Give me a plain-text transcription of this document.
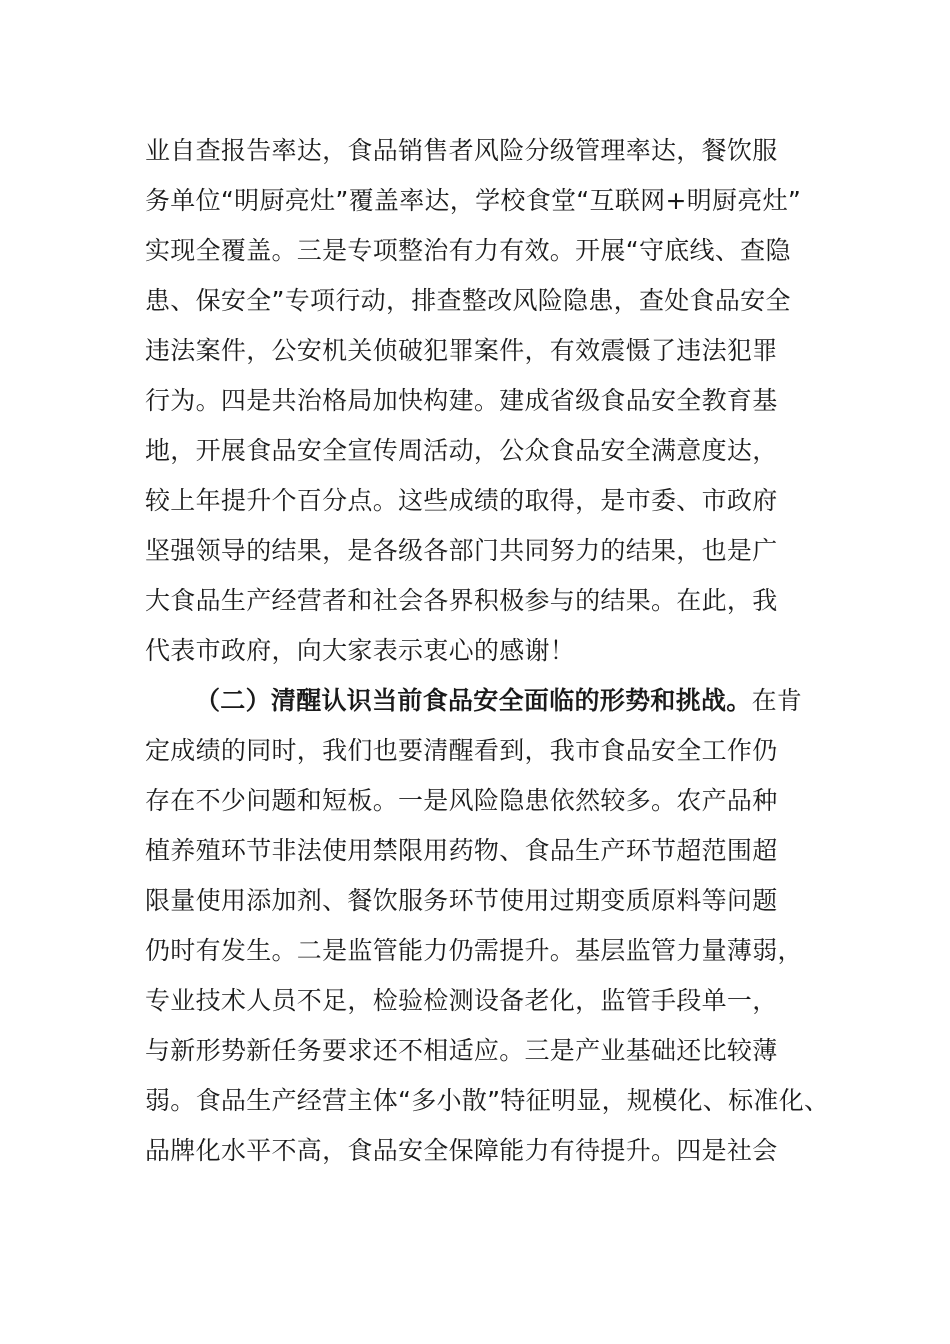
业自查报告率达，食品销售者风险分级管理率达，餐饮服
务单位“明厨亮灶”覆盖率达，学校食堂“互联网+明厨亮灶”
实现全覆盖。三是专项整治有力有效。开展“守底线、查隐
患、保安全”专项行动，排查整改风险隐患，查处食品安全
违法案件，公安机关侦破犯罪案件，有效震慑了违法犯罪
行为。四是共治格局加快构建。建成省级食品安全教育基
地，开展食品安全宣传周活动，公众食品安全满意度达，
较上年提升个百分点。这些成绩的取得，是市委、市政府
坚强领导的结果，是各级各部门共同努力的结果，也是广
大食品生产经营者和社会各界积极参与的结果。在此，我
代表市政府，向大家表示衷心的感谢！
（二）清醒认识当前食品安全面临的形势和挑战。在肯
定成绩的同时，我们也要清醒看到，我市食品安全工作仍
存在不少问题和短板。一是风险隐患依然较多。农产品种
植养殖环节非法使用禁限用药物、食品生产环节超范围超
限量使用添加剂、餐饮服务环节使用过期变质原料等问题
仍时有发生。二是监管能力仍需提升。基层监管力量薄弱，
专业技术人员不足，检验检测设备老化，监管手段单一，
与新形势新任务要求还不相适应。三是产业基础还比较薄
弱。食品生产经营主体“多小散”特征明显，规模化、标准化、
品牌化水平不高，食品安全保障能力有待提升。四是社会
